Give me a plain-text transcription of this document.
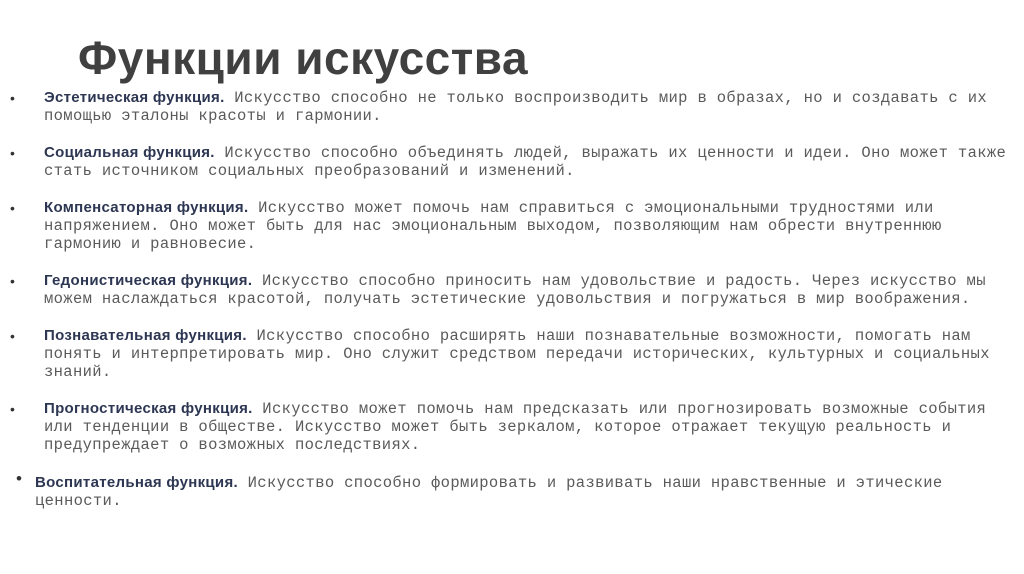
Функции искусства
• Эстетическая функция. Искусство способно не только воспроизводить мир в образах, но и создавать с их помощью эталоны красоты и гармонии.
• Социальная функция. Искусство способно объединять людей, выражать их ценности и идеи. Оно может также стать источником социальных преобразований и изменений.
• Компенсаторная функция. Искусство может помочь нам справиться с эмоциональными трудностями или напряжением. Оно может быть для нас эмоциональным выходом, позволяющим нам обрести внутреннюю гармонию и равновесие.
• Гедонистическая функция. Искусство способно приносить нам удовольствие и радость. Через искусство мы можем наслаждаться красотой, получать эстетические удовольствия и погружаться в мир воображения.
• Познавательная функция. Искусство способно расширять наши познавательные возможности, помогать нам понять и интерпретировать мир. Оно служит средством передачи исторических, культурных и социальных знаний.
• Прогностическая функция. Искусство может помочь нам предсказать или прогнозировать возможные события или тенденции в обществе. Искусство может быть зеркалом, которое отражает текущую реальность и предупреждает о возможных последствиях.
• Воспитательная функция. Искусство способно формировать и развивать наши нравственные и этические ценности.
